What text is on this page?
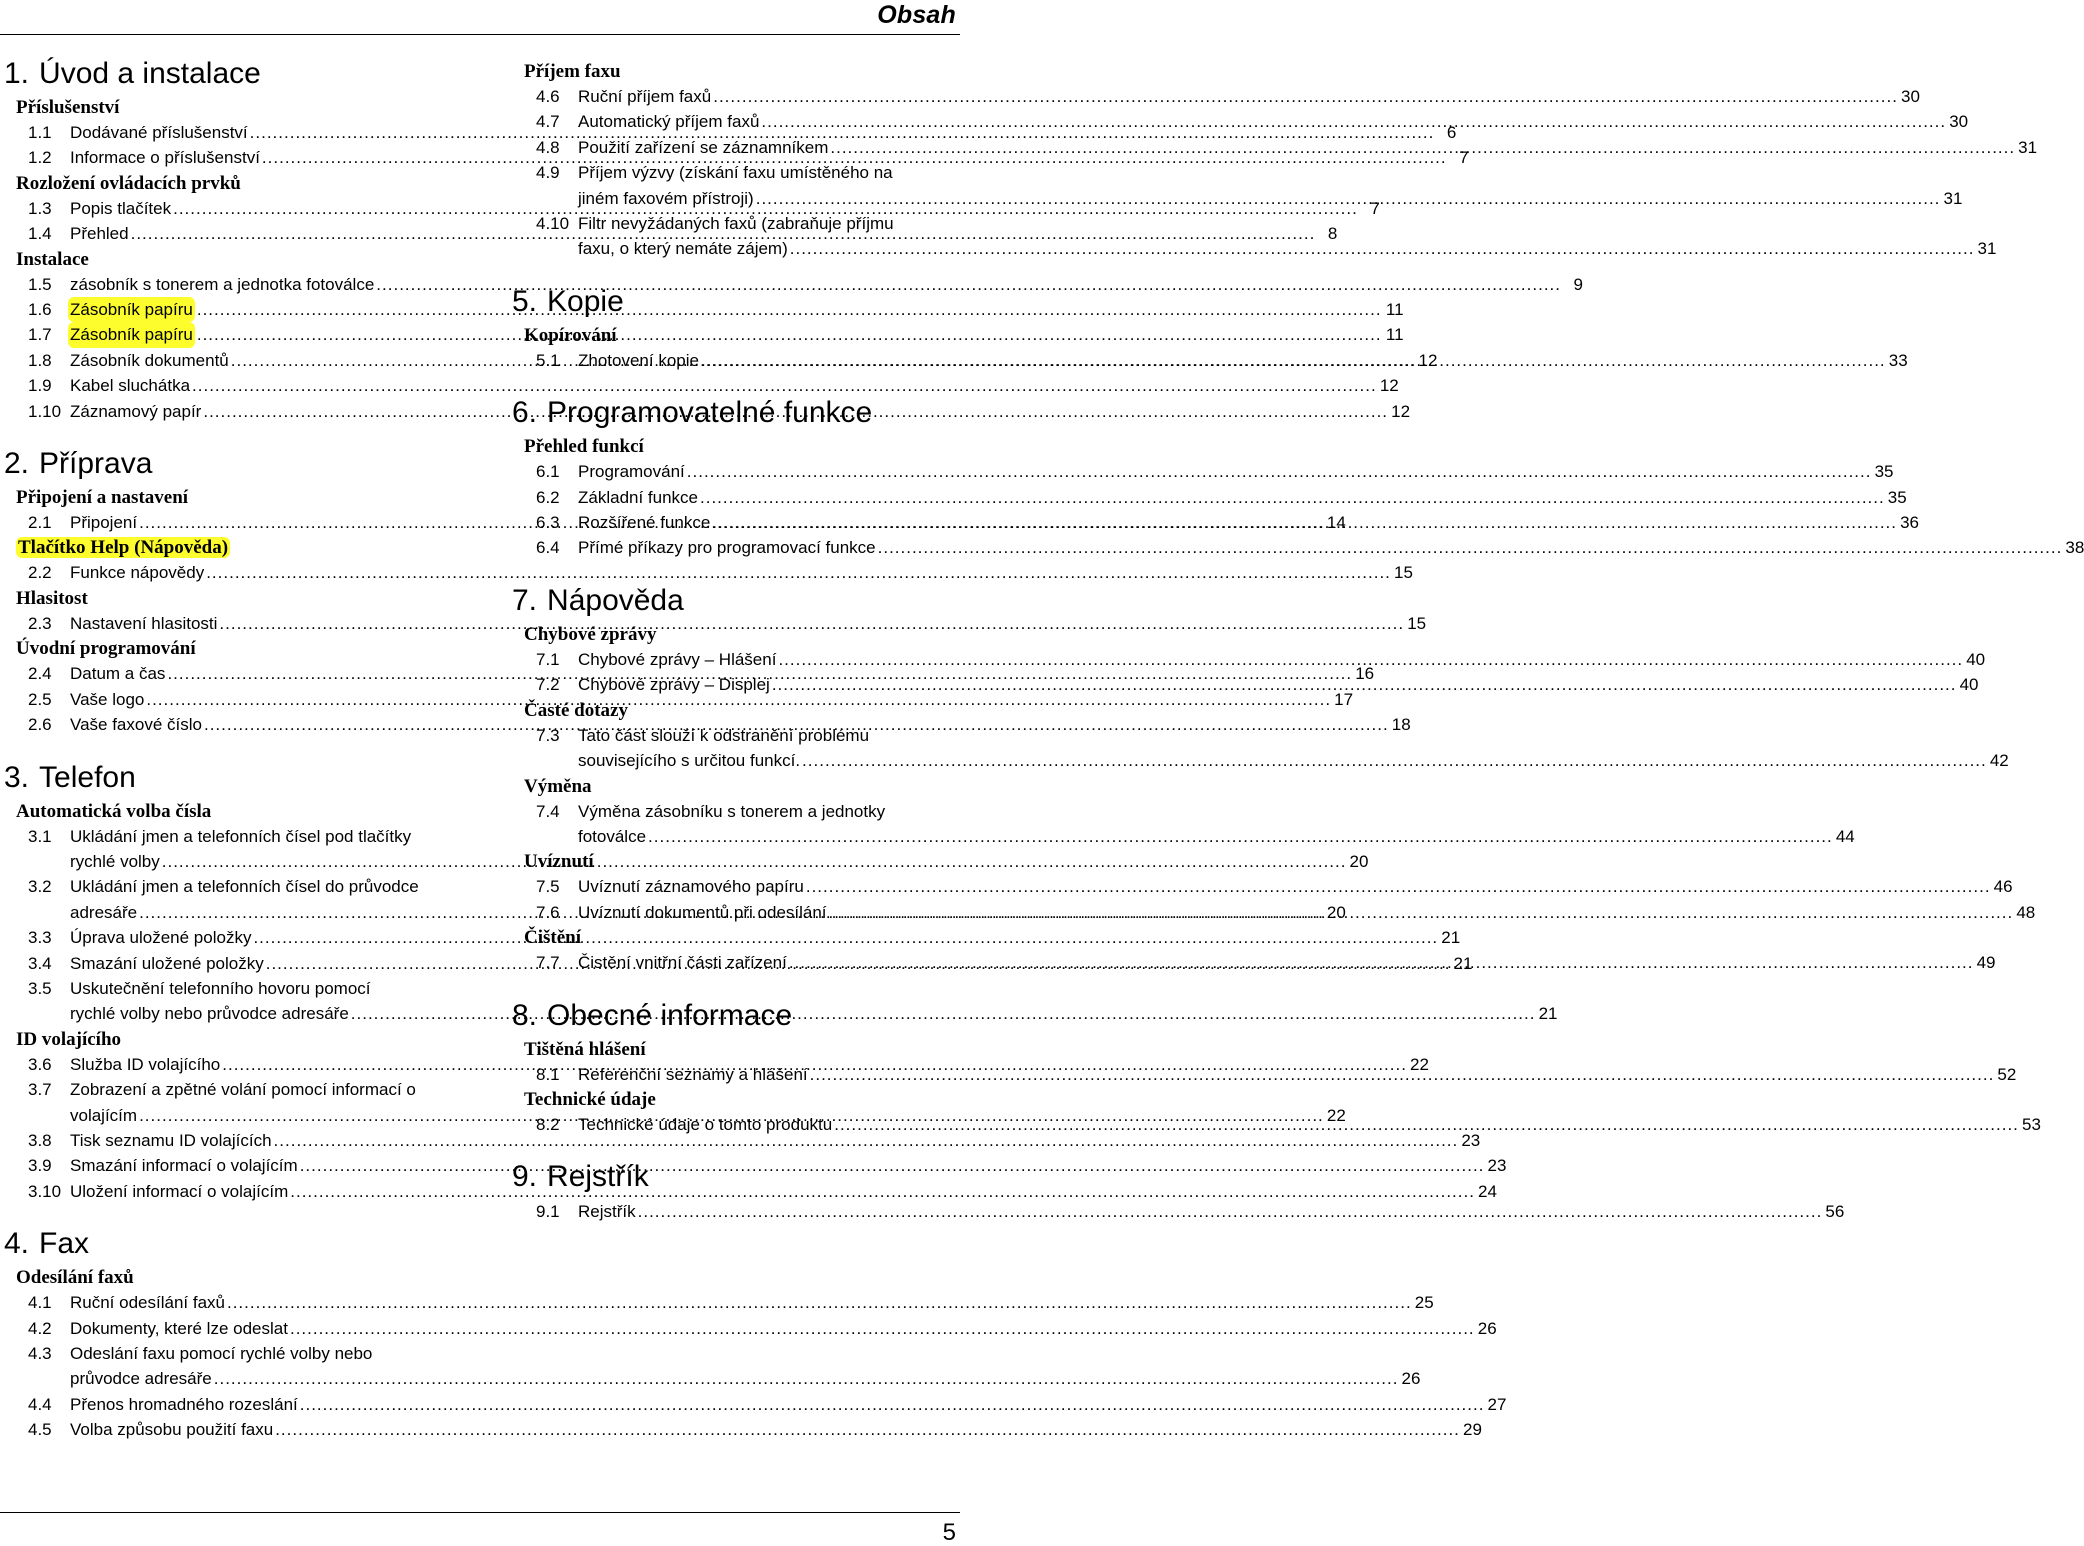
Obsah
1. Úvod a instalace
Příslušenství
1.1	Dodávané příslušenství .....	6
1.2	Informace o příslušenství .....	7
Rozložení ovládacích prvků
1.3	Popis tlačítek .....	7
1.4	Přehled .....	8
Instalace
1.5	zásobník s tonerem a jednotka fotoválce .....	9
1.6	Zásobník papíru .....	11
1.7	Zásobník papíru .....	11
1.8	Zásobník dokumentů .....	12
1.9	Kabel sluchátka .....	12
1.10 Záznamový papír .....	12
2. Příprava
Připojení a nastavení
2.1	Připojení .....	14
Tlačítko Help (Nápověda)
2.2	Funkce nápovědy .....	15
Hlasitost
2.3	Nastavení hlasitosti .....	15
Úvodní programování
2.4	Datum a čas .....	16
2.5	Vaše logo .....	17
2.6	Vaše faxové číslo .....	18
3. Telefon
Automatická volba čísla
3.1	Ukládání jmen a telefonních čísel pod tlačítky
rychlé volby .....	20
3.2	Ukládání jmen a telefonních čísel do průvodce
adresáře .....	20
3.3	Úprava uložené položky .....	21
3.4	Smazání uložené položky .....	21
3.5	Uskutečnění telefonního hovoru pomocí
rychlé volby nebo průvodce adresáře .....	21
ID volajícího
3.6	Služba ID volajícího .....	22
3.7	Zobrazení a zpětné volání pomocí informací o
volajícím .....	22
3.8	Tisk seznamu ID volajících .....	23
3.9	Smazání informací o volajícím .....	23
3.10 Uložení informací o volajícím .....	24
4. Fax
Odesílání faxů
4.1	Ruční odesílání faxů .....	25
4.2	Dokumenty, které lze odeslat .....	26
4.3	Odeslání faxu pomocí rychlé volby nebo
průvodce adresáře .....	26
4.4	Přenos hromadného rozeslání .....	27
4.5	Volba způsobu použití faxu .....	29
Příjem faxu
4.6	Ruční příjem faxů .....	30
4.7	Automatický příjem faxů .....	30
4.8	Použití zařízení se záznamníkem .....	31
4.9	Příjem výzvy (získání faxu umístěného na
jiném faxovém přístroji) .....	31
4.10 Filtr nevyžádaných faxů (zabraňuje příjmu
faxu, o který nemáte zájem) .....	31
5. Kopie
Kopírování
5.1	Zhotovení kopie .....	33
6. Programovatelné funkce
Přehled funkcí
6.1	Programování .....	35
6.2	Základní funkce .....	35
6.3	Rozšířené funkce .....	36
6.4	Přímé příkazy pro programovací funkce .....	38
7. Nápověda
Chybové zprávy
7.1	Chybové zprávy – Hlášení .....	40
7.2	Chybové zprávy – Displej .....	40
Časté dotazy
7.3	Tato část slouží k odstranění problému
souvisejícího s určitou funkcí. .....	42
Výměna
7.4	Výměna zásobníku s tonerem a jednotky
fotoválce .....	44
Uvíznutí
7.5	Uvíznutí záznamového papíru .....	46
7.6	Uvíznutí dokumentů při odesílání .....	48
Čištění
7.7	Čistění vnitřní části zařízení .....	49
8. Obecné informace
Tištěná hlášení
8.1	Referenční seznamy a hlášení .....	52
Technické údaje
8.2	Technické údaje o tomto produktu .....	53
9. Rejstřík
9.1	Rejstřík .....	56
5
